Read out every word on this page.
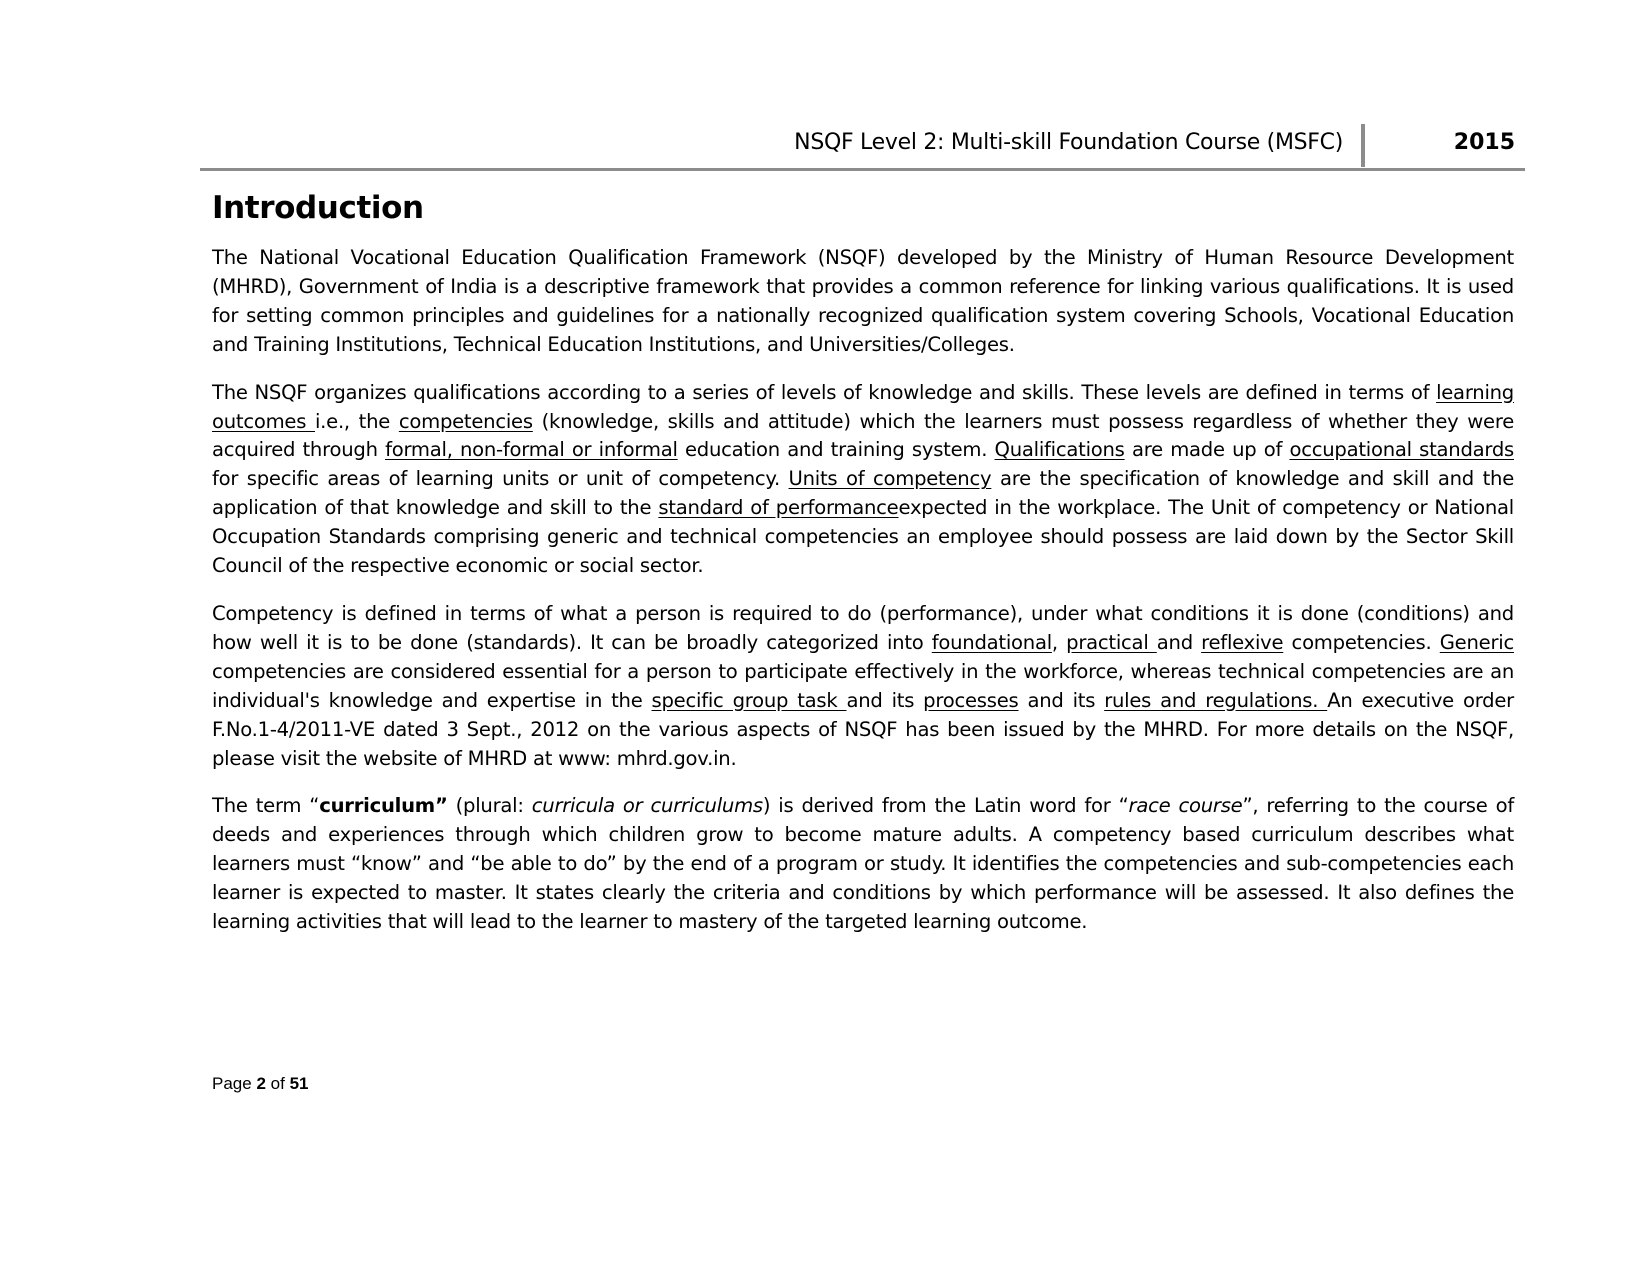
NSQF Level 2: Multi-skill Foundation Course (MSFC)	2015
Introduction

The National Vocational Education Qualification Framework (NSQF) developed by the Ministry of Human Resource Development (MHRD), Government of India is a descriptive framework that provides a common reference for linking various qualifications. It is used for setting common principles and guidelines for a nationally recognized qualification system covering Schools, Vocational Education and Training Institutions, Technical Education Institutions, and Universities/Colleges.

The NSQF organizes qualifications according to a series of levels of knowledge and skills. These levels are defined in terms of learning outcomes i.e., the competencies (knowledge, skills and attitude) which the learners must possess regardless of whether they were acquired through formal, non-formal or informal education and training system. Qualifications are made up of occupational standards for specific areas of learning units or unit of competency. Units of competency are the specification of knowledge and skill and the application of that knowledge and skill to the standard of performanceexpected in the workplace. The Unit of competency or National Occupation Standards comprising generic and technical competencies an employee should possess are laid down by the Sector Skill Council of the respective economic or social sector.

Competency is defined in terms of what a person is required to do (performance), under what conditions it is done (conditions) and how well it is to be done (standards). It can be broadly categorized into foundational, practical and reflexive competencies. Generic competencies are considered essential for a person to participate effectively in the workforce, whereas technical competencies are an individual's knowledge and expertise in the specific group task and its processes and its rules and regulations. An executive order F.No.1-4/2011-VE dated 3 Sept., 2012 on the various aspects of NSQF has been issued by the MHRD. For more details on the NSQF, please visit the website of MHRD at www: mhrd.gov.in.

The term “curriculum” (plural: curricula or curriculums) is derived from the Latin word for “race course”, referring to the course of deeds and experiences through which children grow to become mature adults. A competency based curriculum describes what learners must “know” and “be able to do” by the end of a program or study. It identifies the competencies and sub-competencies each learner is expected to master. It states clearly the criteria and conditions by which performance will be assessed. It also defines the learning activities that will lead to the learner to mastery of the targeted learning outcome.

Page 2 of 51
